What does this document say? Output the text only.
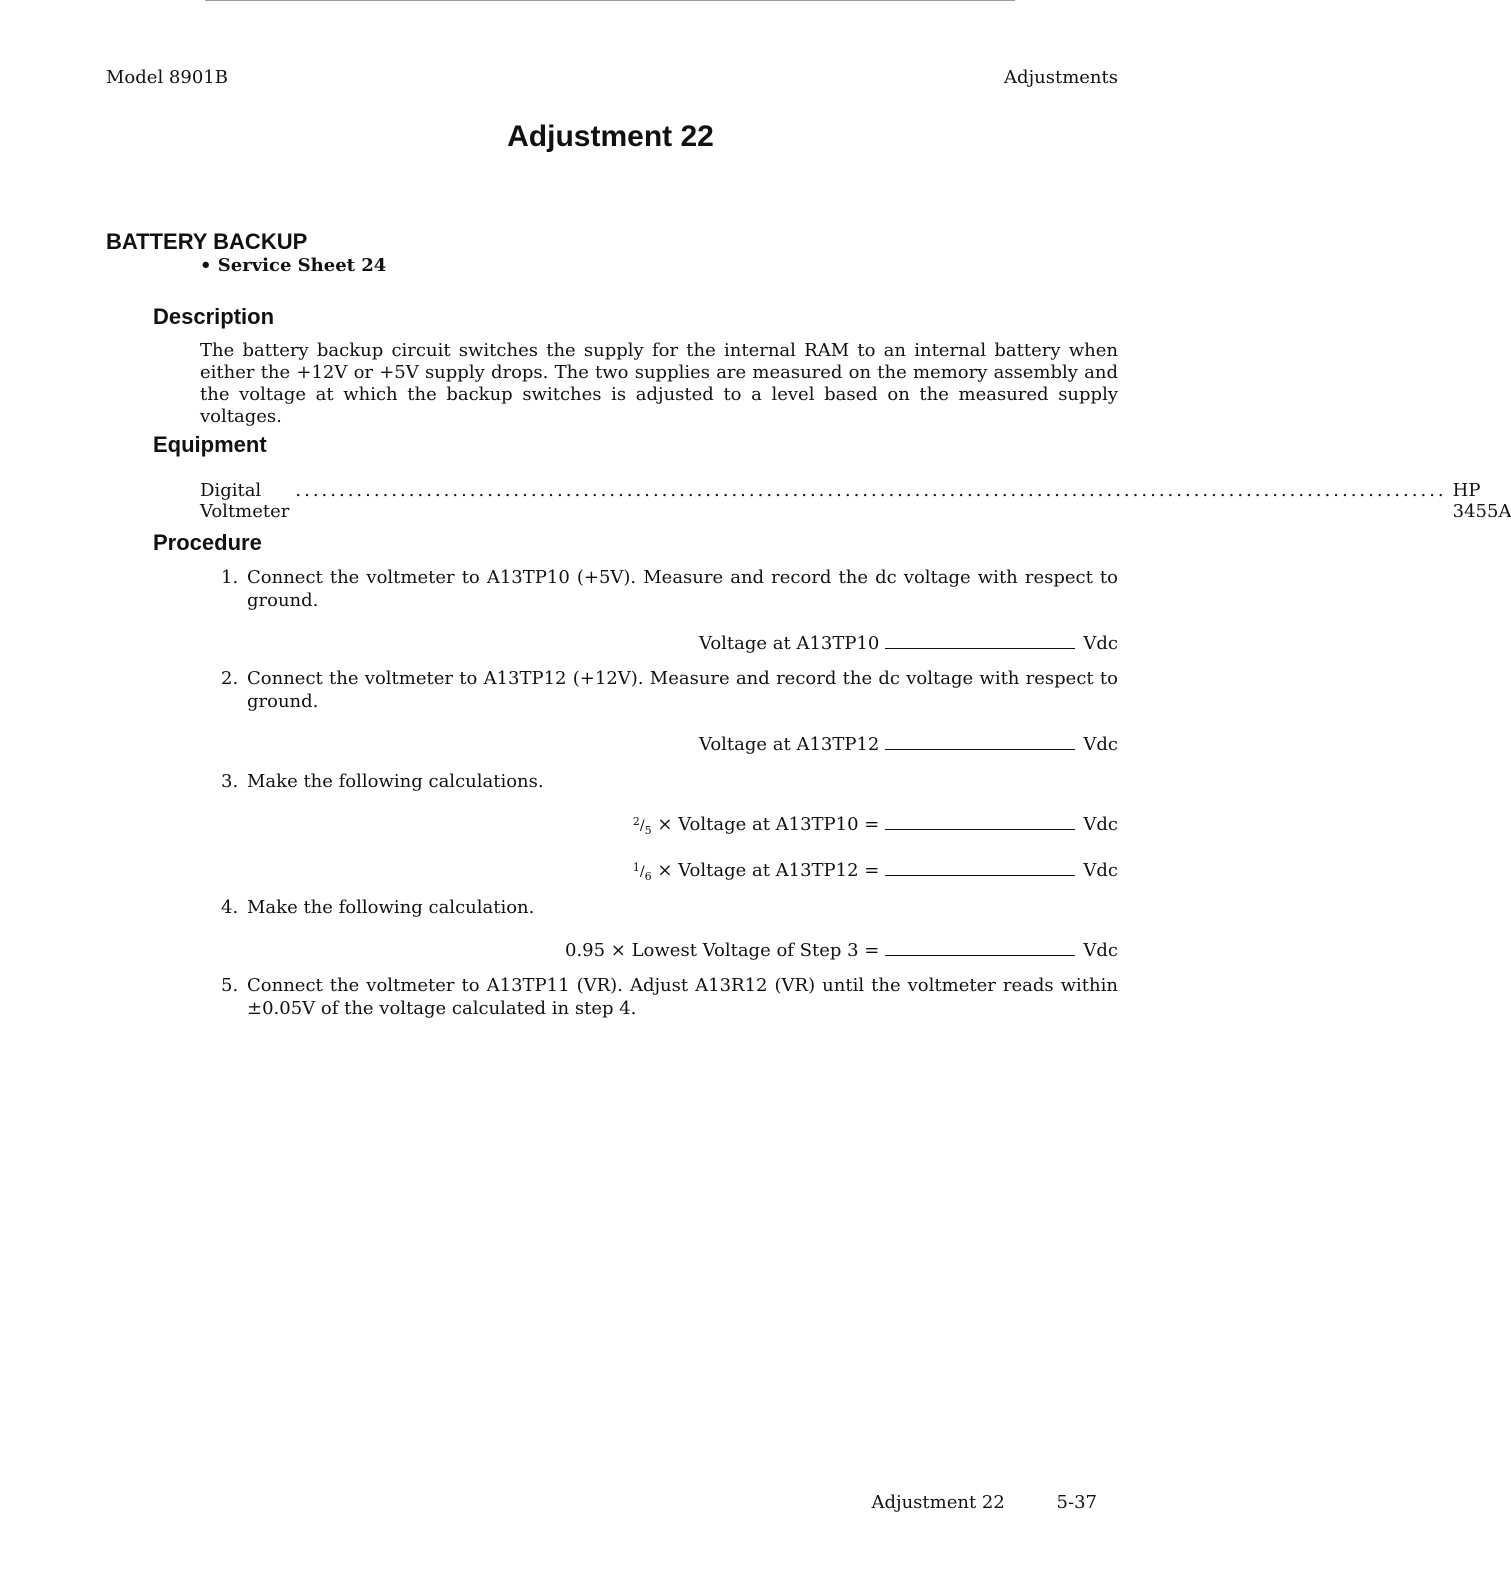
Model 8901B	Adjustments
Adjustment 22
BATTERY BACKUP
• Service Sheet 24
Description

The battery backup circuit switches the supply for the internal RAM to an internal battery when either the +12V or +5V supply drops. The two supplies are measured on the memory assembly and the voltage at which the backup switches is adjusted to a level based on the measured supply voltages.

Equipment
Digital Voltmeter
.................................................................................................................................... HP 3455A
Procedure
1. Connect the voltmeter to A13TP10 (+5V). Measure and record the dc voltage with respect to ground.
Voltage at A13TP10	Vdc
2. Connect the voltmeter to A13TP12 (+12V). Measure and record the dc voltage with respect to ground.
Voltage at A13TP12	Vdc
3. Make the following calculations.
$^2/_5$
× Voltage at A13TP10 =	Vdc
$^1/_6$
× Voltage at A13TP12 =	Vdc
4. Make the following calculation.
0.95 × Lowest Voltage of Step 3 =	Vdc
5. Connect the voltmeter to A13TP11 (VR). Adjust A13R12 (VR) until the voltmeter reads within ±0.05V of the voltage calculated in step 4.
Adjustment 22	5-37
